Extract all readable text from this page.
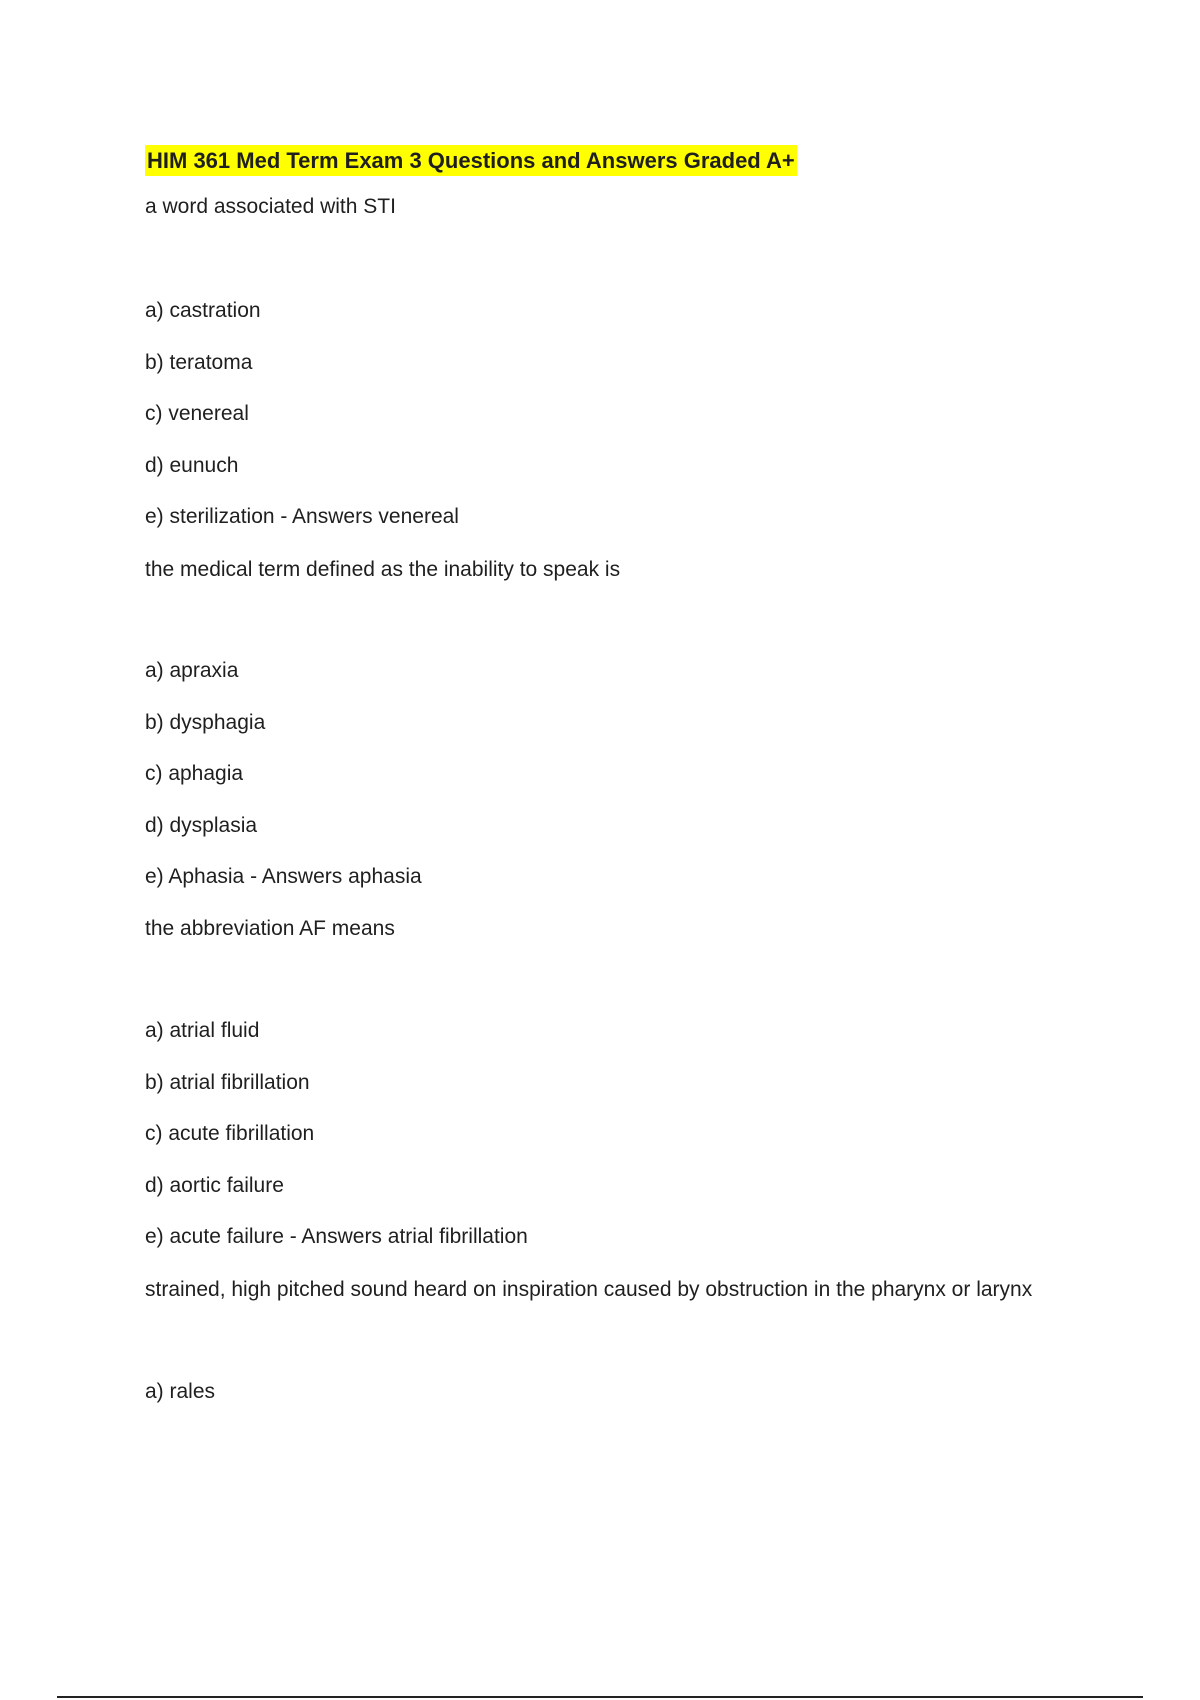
HIM 361 Med Term Exam 3 Questions and Answers Graded A+
a word associated with STI
a) castration
b) teratoma
c) venereal
d) eunuch
e) sterilization - Answers venereal
the medical term defined as the inability to speak is
a) apraxia
b) dysphagia
c) aphagia
d) dysplasia
e) Aphasia - Answers aphasia
the abbreviation AF means
a) atrial fluid
b) atrial fibrillation
c) acute fibrillation
d) aortic failure
e) acute failure - Answers atrial fibrillation
strained, high pitched sound heard on inspiration caused by obstruction in the pharynx or larynx
a) rales
